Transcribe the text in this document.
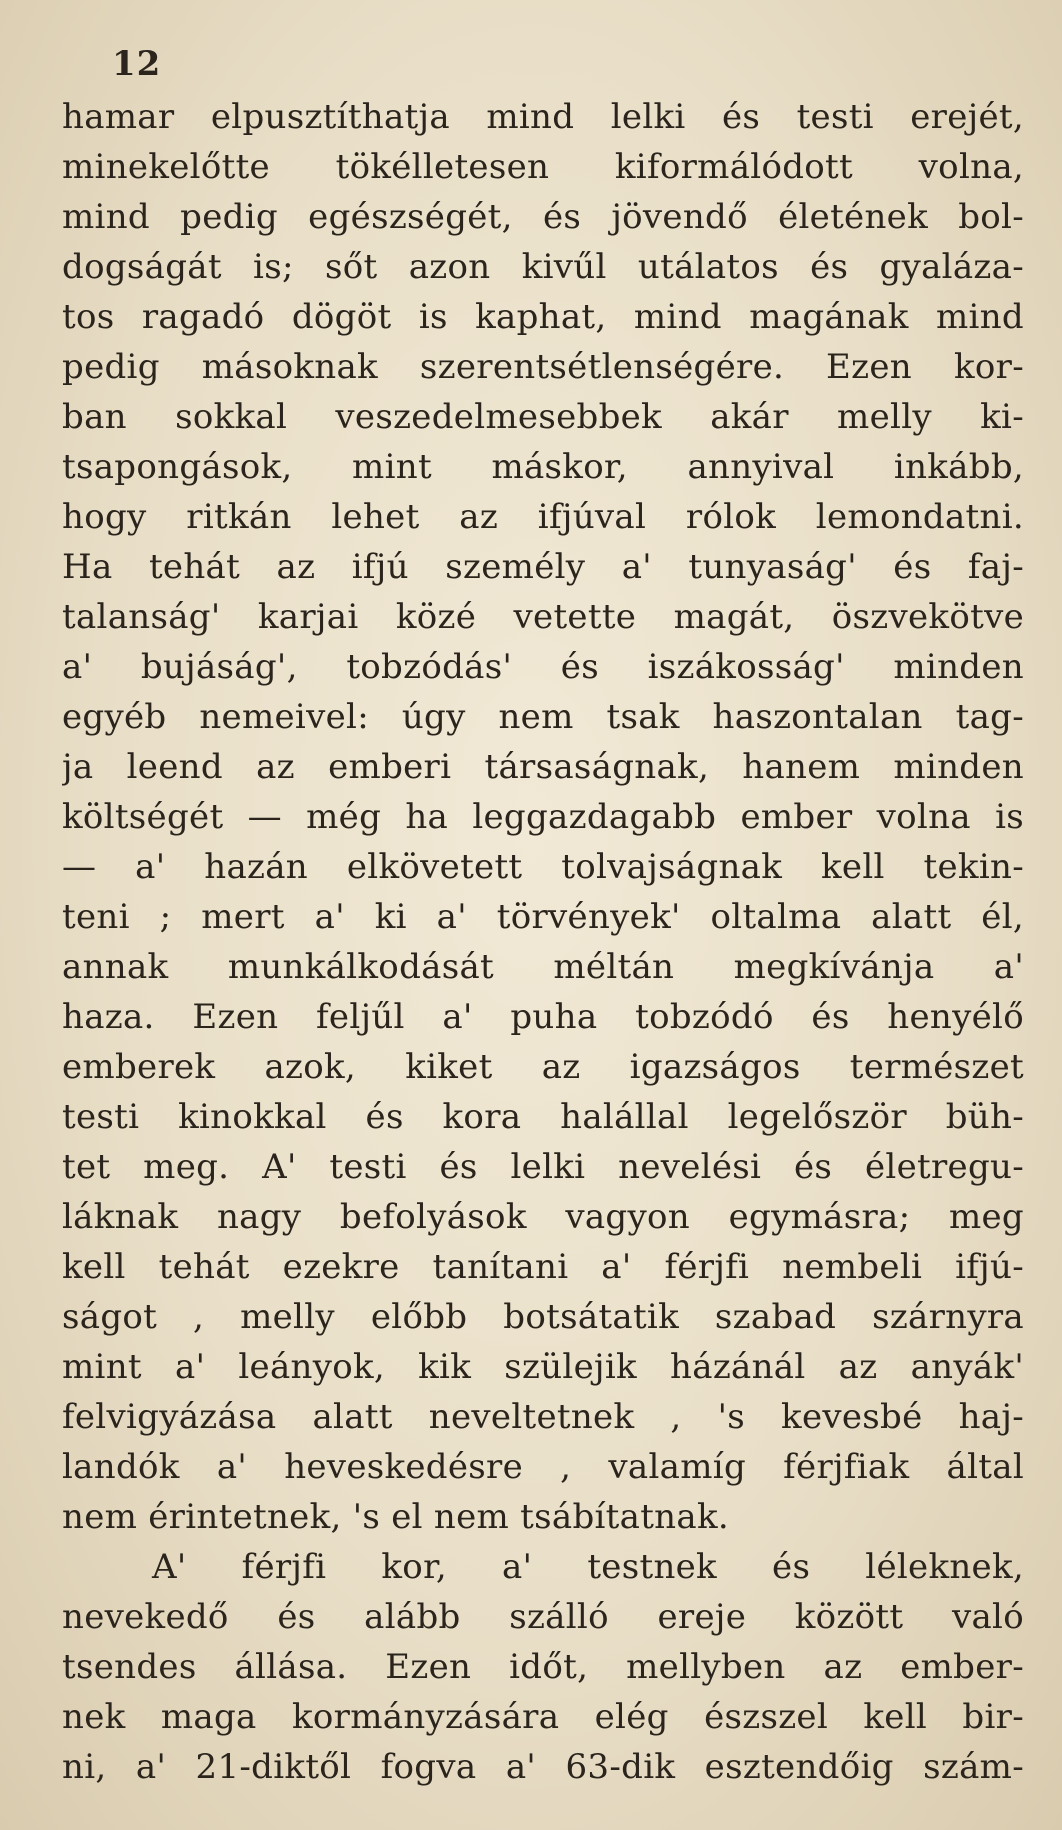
12
hamar elpusztíthatja mind lelki és testi erejét,
minekelőtte tökélletesen kiformálódott volna,
mind pedig egészségét, és jövendő életének bol-
dogságát is; sőt azon kivűl utálatos és gyaláza-
tos ragadó dögöt is kaphat, mind magának mind
pedig másoknak szerentsétlenségére. Ezen kor-
ban sokkal veszedelmesebbek akár melly ki-
tsapongások, mint máskor, annyival inkább,
hogy ritkán lehet az ifjúval rólok lemondatni.
Ha tehát az ifjú személy a' tunyaság' és faj-
talanság' karjai közé vetette magát, öszvekötve
a' bujáság', tobzódás' és iszákosság' minden
egyéb nemeivel: úgy nem tsak haszontalan tag-
ja leend az emberi társaságnak, hanem minden
költségét — még ha leggazdagabb ember volna is
— a' hazán elkövetett tolvajságnak kell tekin-
teni ; mert a' ki a' törvények' oltalma alatt él,
annak munkálkodását méltán megkívánja a'
haza. Ezen feljűl a' puha tobzódó és henyélő
emberek azok, kiket az igazságos természet
testi kinokkal és kora halállal legelőször büh-
tet meg. A' testi és lelki nevelési és életregu-
láknak nagy befolyások vagyon egymásra; meg
kell tehát ezekre tanítani a' férjfi nembeli ifjú-
ságot , melly előbb botsátatik szabad szárnyra
mint a' leányok, kik szülejik házánál az anyák'
felvigyázása alatt neveltetnek , 's kevesbé haj-
landók a' heveskedésre , valamíg férjfiak által
nem érintetnek, 's el nem tsábítatnak.
A' férjfi kor, a' testnek és léleknek,
nevekedő és alább szálló ereje között való
tsendes állása. Ezen időt, mellyben az ember-
nek maga kormányzására elég észszel kell bir-
ni, a' 21-diktől fogva a' 63-dik esztendőig szám-
